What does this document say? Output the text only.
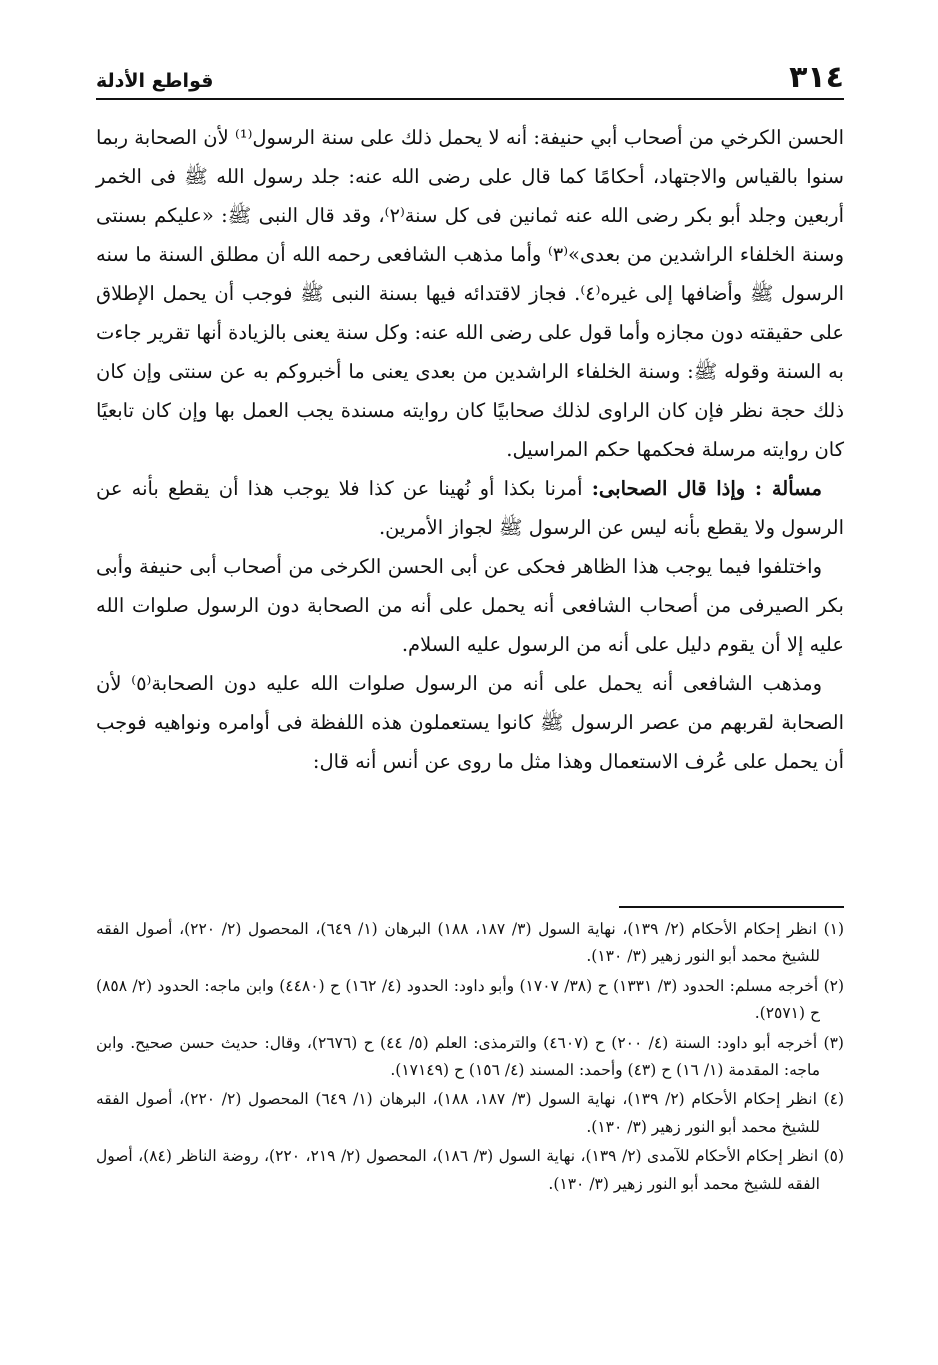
٣١٤
قواطع الأدلة

الحسن الكرخي من أصحاب أبي حنيفة: أنه لا يحمل ذلك على سنة الرسول⁽¹⁾ لأن الصحابة ربما سنوا بالقياس والاجتهاد، أحكامًا كما قال على رضى الله عنه: جلد رسول الله ﷺ فى الخمر أربعين وجلد أبو بكر رضى الله عنه ثمانين فى كل سنة⁽٢⁾، وقد قال النبى ﷺ: «عليكم بسنتى وسنة الخلفاء الراشدين من بعدى»⁽٣⁾ وأما مذهب الشافعى رحمه الله أن مطلق السنة ما سنه الرسول ﷺ وأضافها إلى غيره⁽٤⁾. فجاز لاقتدائه فيها بسنة النبى ﷺ فوجب أن يحمل الإطلاق على حقيقته دون مجازه وأما قول على رضى الله عنه: وكل سنة يعنى بالزيادة أنها تقرير جاءت به السنة وقوله ﷺ: وسنة الخلفاء الراشدين من بعدى يعنى ما أخبروكم به عن سنتى وإن كان ذلك حجة نظر فإن كان الراوى لذلك صحابيًا كان روايته مسندة يجب العمل بها وإن كان تابعيًا كان روايته مرسلة فحكمها حكم المراسيل.

مسألة : وإذا قال الصحابى: أمرنا بكذا أو نُهينا عن كذا فلا يوجب هذا أن يقطع بأنه عن الرسول ولا يقطع بأنه ليس عن الرسول ﷺ لجواز الأمرين.

واختلفوا فيما يوجب هذا الظاهر فحكى عن أبى الحسن الكرخى من أصحاب أبى حنيفة وأبى بكر الصيرفى من أصحاب الشافعى أنه يحمل على أنه من الصحابة دون الرسول صلوات الله عليه إلا أن يقوم دليل على أنه من الرسول عليه السلام.

ومذهب الشافعى أنه يحمل على أنه من الرسول صلوات الله عليه دون الصحابة⁽٥⁾ لأن الصحابة لقربهم من عصر الرسول ﷺ كانوا يستعملون هذه اللفظة فى أوامره ونواهيه فوجب أن يحمل على عُرف الاستعمال وهذا مثل ما روى عن أنس أنه قال:

(١) انظر إحكام الأحكام (٢/ ١٣٩)، نهاية السول (٣/ ١٨٧، ١٨٨) البرهان (١/ ٦٤٩)، المحصول (٢/ ٢٢٠)، أصول الفقه للشيخ محمد أبو النور زهير (٣/ ١٣٠).

(٢) أخرجه مسلم: الحدود (٣/ ١٣٣١) ح (٣٨/ ١٧٠٧) وأبو داود: الحدود (٤/ ١٦٢) ح (٤٤٨٠) وابن ماجه: الحدود (٢/ ٨٥٨) ح (٢٥٧١).

(٣) أخرجه أبو داود: السنة (٤/ ٢٠٠) ح (٤٦٠٧) والترمذى: العلم (٥/ ٤٤) ح (٢٦٧٦)، وقال: حديث حسن صحيح. وابن ماجه: المقدمة (١/ ١٦) ح (٤٣) وأحمد: المسند (٤/ ١٥٦) ح (١٧١٤٩).

(٤) انظر إحكام الأحكام (٢/ ١٣٩)، نهاية السول (٣/ ١٨٧، ١٨٨)، البرهان (١/ ٦٤٩) المحصول (٢/ ٢٢٠)، أصول الفقه للشيخ محمد أبو النور زهير (٣/ ١٣٠).

(٥) انظر إحكام الأحكام للآمدى (٢/ ١٣٩)، نهاية السول (٣/ ١٨٦)، المحصول (٢/ ٢١٩، ٢٢٠)، روضة الناظر (٨٤)، أصول الفقه للشيخ محمد أبو النور زهير (٣/ ١٣٠).
